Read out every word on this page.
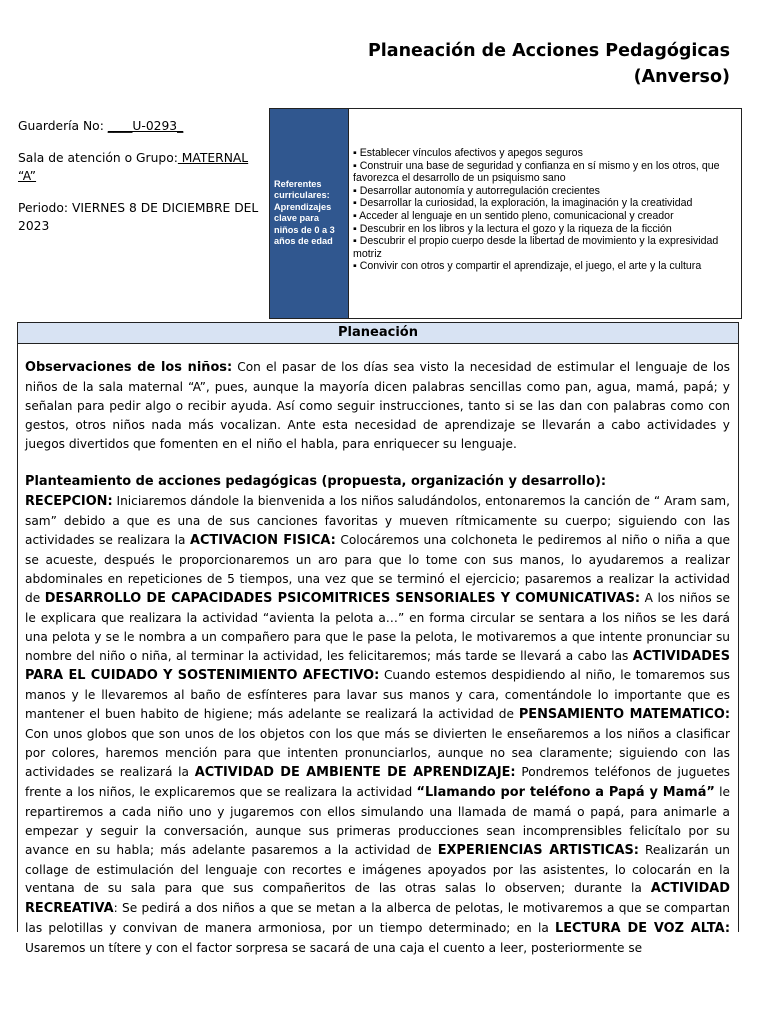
Planeación de Acciones Pedagógicas
(Anverso)
Guardería No: ____U-0293_
Sala de atención o Grupo: MATERNAL “A”
Periodo: VIERNES 8 DE DICIEMBRE DEL 2023
Referentes curriculares: Aprendizajes clave para niños de 0 a 3 años de edad
▪ Establecer vínculos afectivos y apegos seguros
▪ Construir una base de seguridad y confianza en sí mismo y en los otros, que favorezca el desarrollo de un psiquismo sano
▪ Desarrollar autonomía y autorregulación crecientes
▪ Desarrollar la curiosidad, la exploración, la imaginación y la creatividad
▪ Acceder al lenguaje en un sentido pleno, comunicacional y creador
▪ Descubrir en los libros y la lectura el gozo y la riqueza de la ficción
▪ Descubrir el propio cuerpo desde la libertad de movimiento y la expresividad motriz
▪ Convivir con otros y compartir el aprendizaje, el juego, el arte y la cultura
Planeación

Observaciones de los niños: Con el pasar de los días sea visto la necesidad de estimular el lenguaje de los niños de la sala maternal “A”, pues, aunque la mayoría dicen palabras sencillas como pan, agua, mamá, papá; y señalan para pedir algo o recibir ayuda. Así como seguir instrucciones, tanto si se las dan con palabras como con gestos, otros niños nada más vocalizan. Ante esta necesidad de aprendizaje se llevarán a cabo actividades y juegos divertidos que fomenten en el niño el habla, para enriquecer su lenguaje.

Planteamiento de acciones pedagógicas (propuesta, organización y desarrollo):

RECEPCION: Iniciaremos dándole la bienvenida a los niños saludándolos, entonaremos la canción de “ Aram sam, sam” debido a que es una de sus canciones favoritas y mueven rítmicamente su cuerpo; siguiendo con las actividades se realizara la ACTIVACION FISICA: Colocáremos una colchoneta le pediremos al niño o niña a que se acueste, después le proporcionaremos un aro para que lo tome con sus manos, lo ayudaremos a realizar abdominales en repeticiones de 5 tiempos, una vez que se terminó el ejercicio; pasaremos a realizar la actividad de DESARROLLO DE CAPACIDADES PSICOMITRICES SENSORIALES Y COMUNICATIVAS: A los niños se le explicara que realizara la actividad “avienta la pelota a…” en forma circular se sentara a los niños se les dará una pelota y se le nombra a un compañero para que le pase la pelota, le motivaremos a que intente pronunciar su nombre del niño o niña, al terminar la actividad, les felicitaremos; más tarde se llevará a cabo las ACTIVIDADES PARA EL CUIDADO Y SOSTENIMIENTO AFECTIVO: Cuando estemos despidiendo al niño, le tomaremos sus manos y le llevaremos al baño de esfínteres para lavar sus manos y cara, comentándole lo importante que es mantener el buen habito de higiene; más adelante se realizará la actividad de PENSAMIENTO MATEMATICO: Con unos globos que son unos de los objetos con los que más se divierten le enseñaremos a los niños a clasificar por colores, haremos mención para que intenten pronunciarlos, aunque no sea claramente; siguiendo con las actividades se realizará la ACTIVIDAD DE AMBIENTE DE APRENDIZAJE: Pondremos teléfonos de juguetes frente a los niños, le explicaremos que se realizara la actividad “Llamando por teléfono a Papá y Mamá” le repartiremos a cada niño uno y jugaremos con ellos simulando una llamada de mamá o papá, para animarle a empezar y seguir la conversación, aunque sus primeras producciones sean incomprensibles felicítalo por su avance en su habla; más adelante pasaremos a la actividad de EXPERIENCIAS ARTISTICAS: Realizarán un collage de estimulación del lenguaje con recortes e imágenes apoyados por las asistentes, lo colocarán en la ventana de su sala para que sus compañeritos de las otras salas lo observen; durante la ACTIVIDAD RECREATIVA: Se pedirá a dos niños a que se metan a la alberca de pelotas, le motivaremos a que se compartan las pelotillas y convivan de manera armoniosa, por un tiempo determinado; en la LECTURA DE VOZ ALTA: Usaremos un títere y con el factor sorpresa se sacará de una caja el cuento a leer, posteriormente se
